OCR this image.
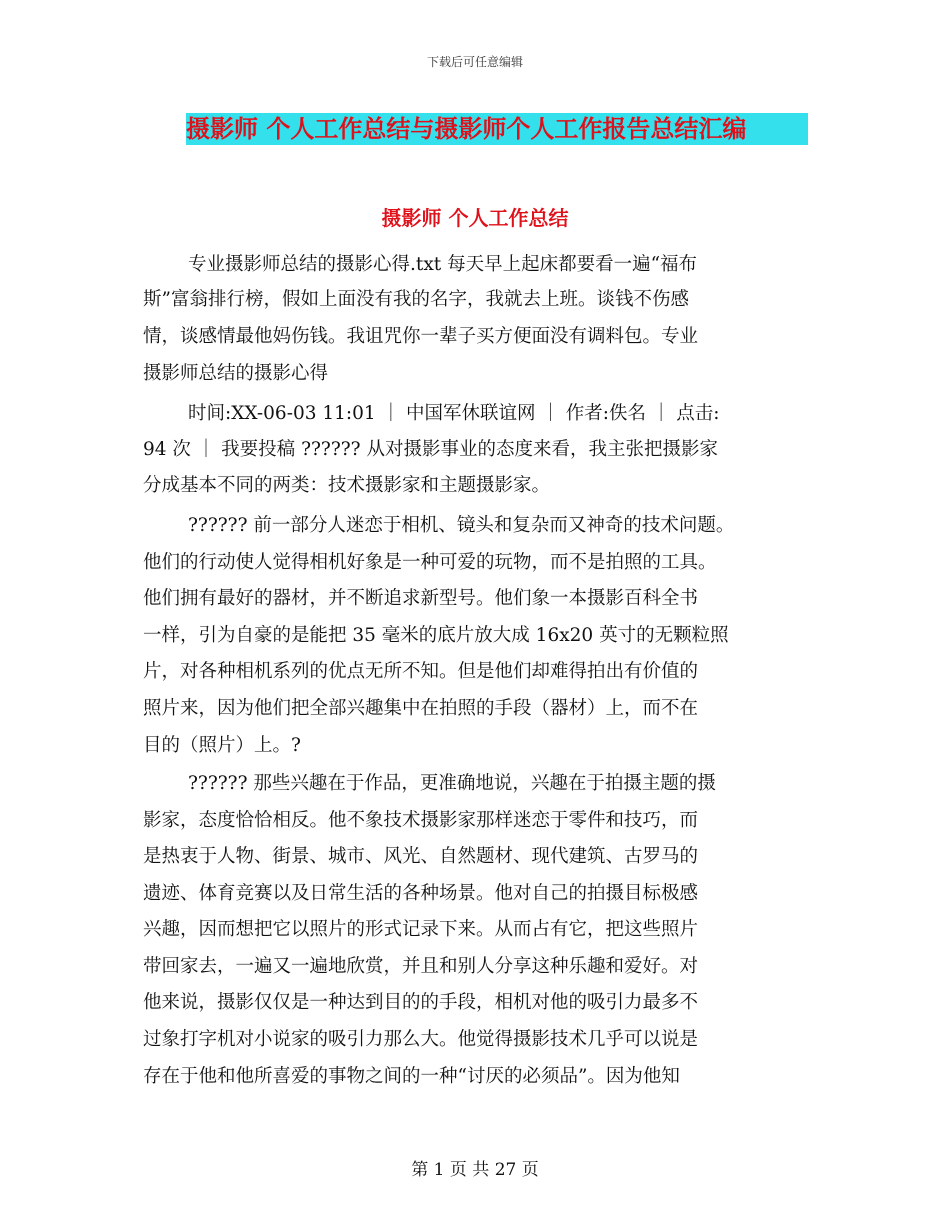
下载后可任意编辑
摄影师 个人工作总结与摄影师个人工作报告总结汇编
摄影师 个人工作总结
专业摄影师总结的摄影心得.txt 每天早上起床都要看一遍“福布
斯”富翁排行榜，假如上面没有我的名字，我就去上班。谈钱不伤感
情，谈感情最他妈伤钱。我诅咒你一辈子买方便面没有调料包。专业
摄影师总结的摄影心得
时间:XX-06-03 11:01 ｜ 中国军休联谊网 ｜ 作者:佚名 ｜ 点击:
94 次 ｜ 我要投稿 ?????? 从对摄影事业的态度来看，我主张把摄影家
分成基本不同的两类：技术摄影家和主题摄影家。
?????? 前一部分人迷恋于相机、镜头和复杂而又神奇的技术问题。
他们的行动使人觉得相机好象是一种可爱的玩物，而不是拍照的工具。
他们拥有最好的器材，并不断追求新型号。他们象一本摄影百科全书
一样，引为自豪的是能把 35 毫米的底片放大成 16x20 英寸的无颗粒照
片，对各种相机系列的优点无所不知。但是他们却难得拍出有价值的
照片来，因为他们把全部兴趣集中在拍照的手段（器材）上，而不在
目的（照片）上。?
?????? 那些兴趣在于作品，更准确地说，兴趣在于拍摄主题的摄
影家，态度恰恰相反。他不象技术摄影家那样迷恋于零件和技巧，而
是热衷于人物、街景、城市、风光、自然题材、现代建筑、古罗马的
遗迹、体育竞赛以及日常生活的各种场景。他对自己的拍摄目标极感
兴趣，因而想把它以照片的形式记录下来。从而占有它，把这些照片
带回家去，一遍又一遍地欣赏，并且和别人分享这种乐趣和爱好。对
他来说，摄影仅仅是一种达到目的的手段，相机对他的吸引力最多不
过象打字机对小说家的吸引力那么大。他觉得摄影技术几乎可以说是
存在于他和他所喜爱的事物之间的一种“讨厌的必须品”。因为他知
第 1 页 共 27 页
